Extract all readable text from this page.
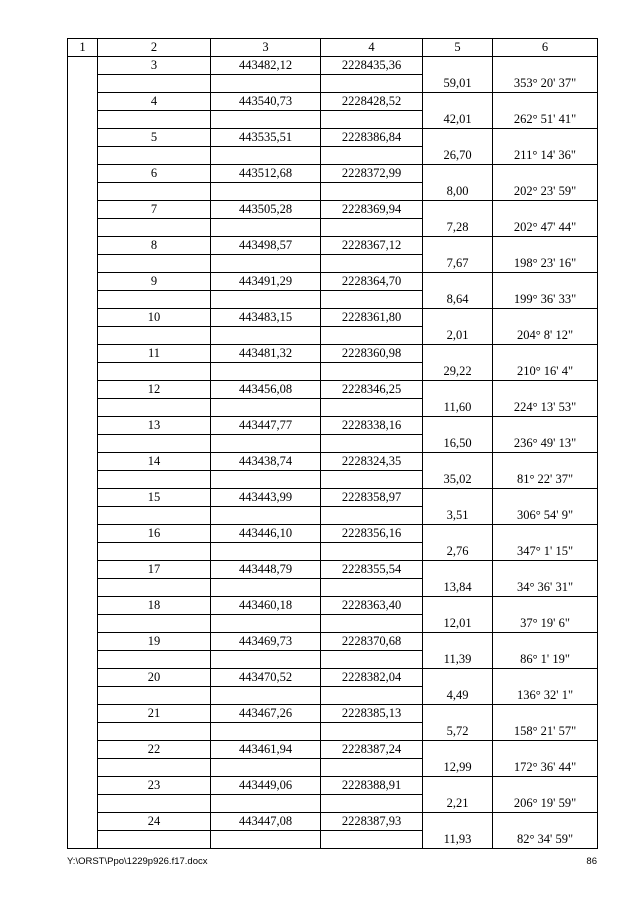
1	2	3	4	5	6
	3	443482,12	2228435,36		
				59,01	353° 20' 37"
	4	443540,73	2228428,52		
				42,01	262° 51' 41"
	5	443535,51	2228386,84		
				26,70	211° 14' 36"
	6	443512,68	2228372,99		
				8,00	202° 23' 59"
	7	443505,28	2228369,94		
				7,28	202° 47' 44"
	8	443498,57	2228367,12		
				7,67	198° 23' 16"
	9	443491,29	2228364,70		
				8,64	199° 36' 33"
	10	443483,15	2228361,80		
				2,01	204° 8' 12"
	11	443481,32	2228360,98		
				29,22	210° 16' 4"
	12	443456,08	2228346,25		
				11,60	224° 13' 53"
	13	443447,77	2228338,16		
				16,50	236° 49' 13"
	14	443438,74	2228324,35		
				35,02	81° 22' 37"
	15	443443,99	2228358,97		
				3,51	306° 54' 9"
	16	443446,10	2228356,16		
				2,76	347° 1' 15"
	17	443448,79	2228355,54		
				13,84	34° 36' 31"
	18	443460,18	2228363,40		
				12,01	37° 19' 6"
	19	443469,73	2228370,68		
				11,39	86° 1' 19"
	20	443470,52	2228382,04		
				4,49	136° 32' 1"
	21	443467,26	2228385,13		
				5,72	158° 21' 57"
	22	443461,94	2228387,24		
				12,99	172° 36' 44"
	23	443449,06	2228388,91		
				2,21	206° 19' 59"
	24	443447,08	2228387,93		
				11,93	82° 34' 59"
Y:\ORST\Ppo\1229p926.f17.docx	86
